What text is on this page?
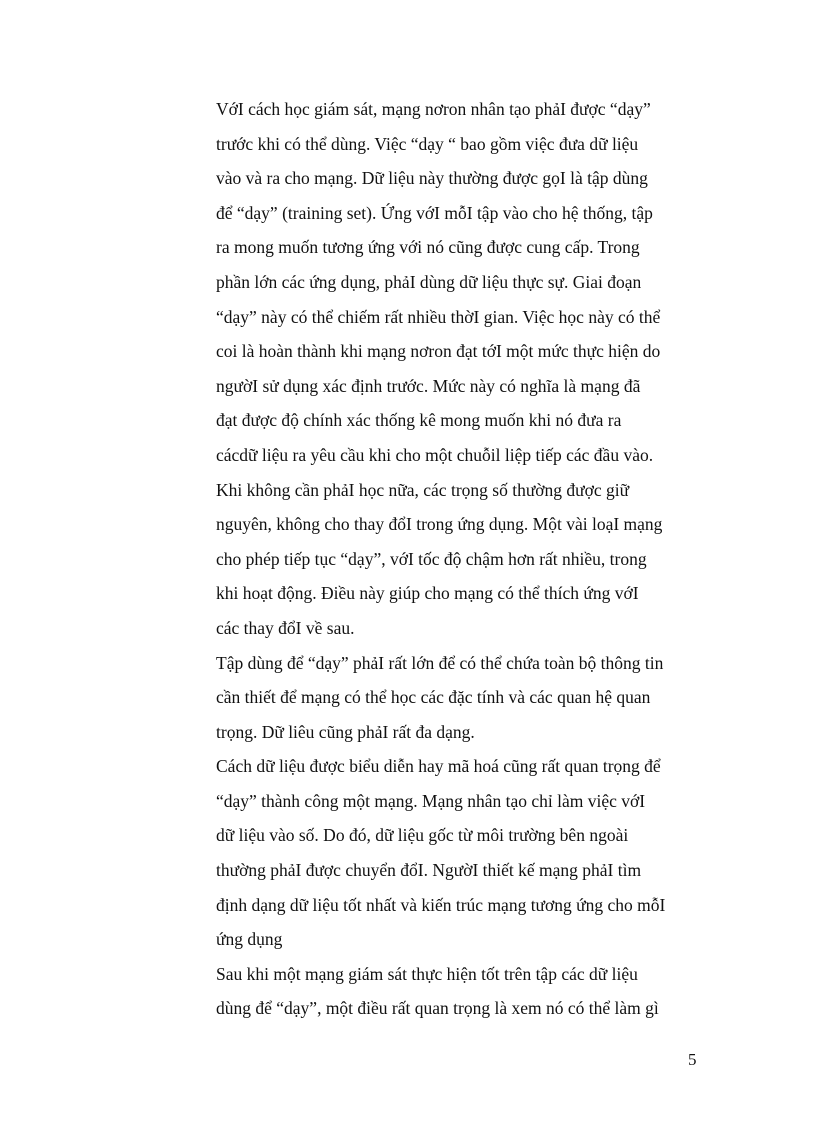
VớI cách học giám sát, mạng nơron nhân tạo phảI được “dạy”
trước khi có thể dùng. Việc “dạy “ bao gồm việc đưa dữ liệu
vào và ra cho mạng. Dữ liệu này thường được gọI là tập dùng
để “dạy” (training set). Ứng vớI mỗI tập vào cho hệ thống, tập
ra mong muốn tương ứng với nó cũng được cung cấp. Trong
phần lớn các ứng dụng, phảI dùng dữ liệu thực sự. Giai đoạn
“dạy” này có thể chiếm rất nhiều thờI gian. Việc học này có thể
coi là hoàn thành khi mạng nơron đạt tớI một mức thực hiện do
ngườI sử dụng xác định trước. Mức này có nghĩa là mạng đã
đạt được độ chính xác thống kê mong muốn khi nó đưa ra
cácdữ liệu ra yêu cầu khi cho một chuỗil liệp tiếp các đầu vào.
Khi không cần phảI học nữa, các trọng số thường được giữ
nguyên, không cho thay đổI trong ứng dụng. Một vài loạI mạng
cho phép tiếp tục “dạy”, vớI tốc độ chậm hơn rất nhiều, trong
khi hoạt động. Điều này giúp cho mạng có thể thích ứng vớI
các thay đổI về sau.
Tập dùng để “dạy” phảI rất lớn để có thể chứa toàn bộ thông tin
cần thiết để mạng có thể học các đặc tính và các quan hệ quan
trọng. Dữ liêu cũng phảI rất đa dạng.
Cách dữ liệu được biểu diễn hay mã hoá cũng rất quan trọng để
“dạy” thành công một mạng. Mạng nhân tạo chỉ làm việc vớI
dữ liệu vào số. Do đó, dữ liệu gốc từ môi trường bên ngoài
thường phảI được chuyển đổI. NgườI thiết kế mạng phảI tìm
định dạng dữ liệu tốt nhất và kiến trúc mạng tương ứng cho mỗI
ứng dụng
Sau khi một mạng giám sát thực hiện tốt trên tập các dữ liệu
dùng để “dạy”, một điều rất quan trọng là xem nó có thể làm gì
5
